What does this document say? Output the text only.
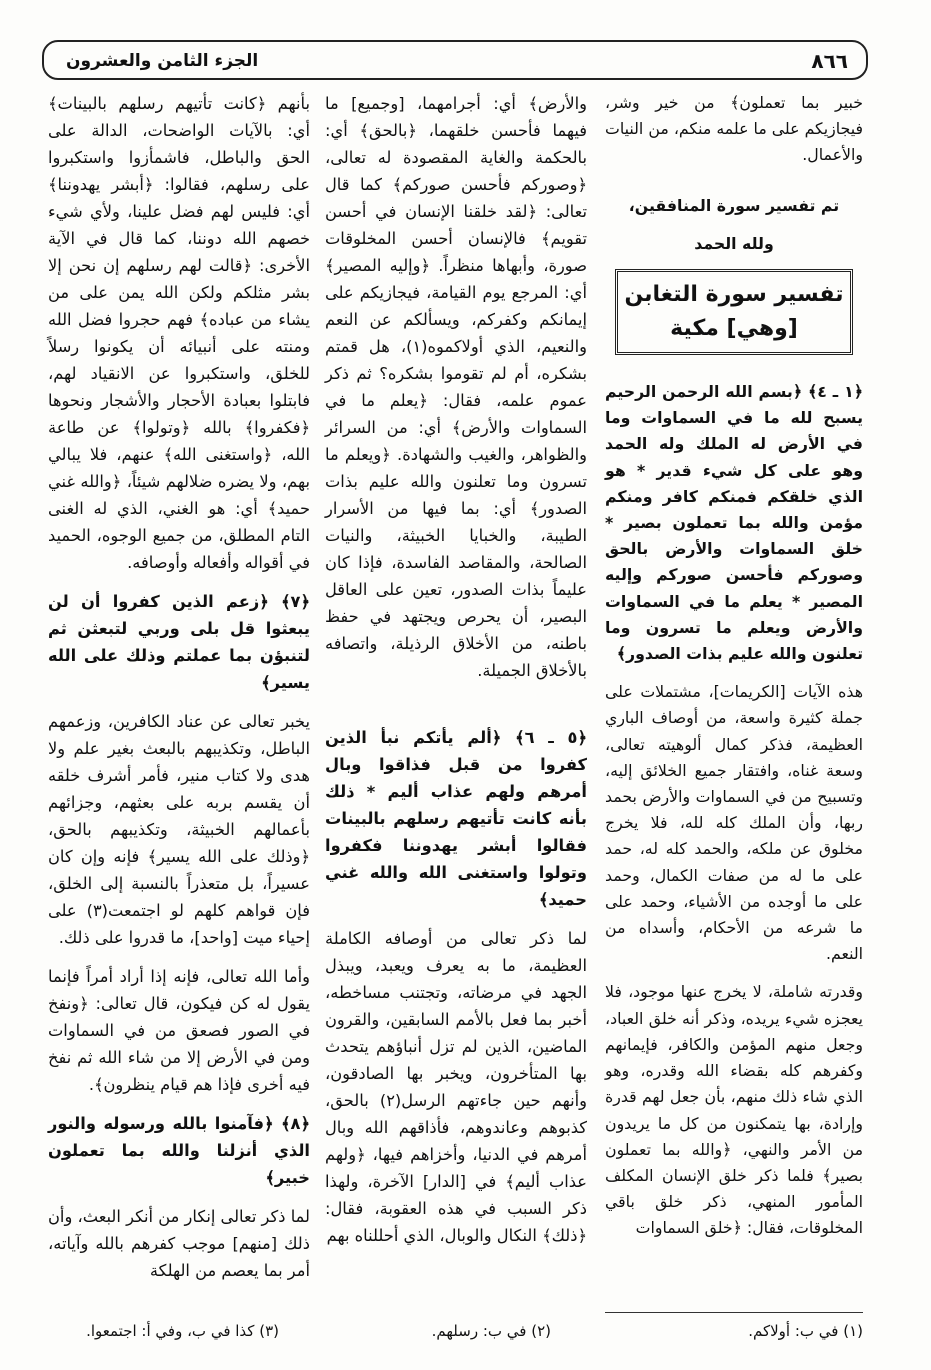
٨٦٦
الجزء الثامن والعشرون

خبير بما تعملون﴾ من خير وشر، فيجازيكم على ما علمه منكم، من النيات والأعمال.

تم تفسير سورة المنافقين،

ولله الحمد

تفسير سورة التغابن
[وهي] مكية

﴿١ ـ ٤﴾ ﴿بسم الله الرحمن الرحيم يسبح لله ما في السماوات وما في الأرض له الملك وله الحمد وهو على كل شيء قدير * هو الذي خلقكم فمنكم كافر ومنكم مؤمن والله بما تعملون بصير * خلق السماوات والأرض بالحق وصوركم فأحسن صوركم وإليه المصير * يعلم ما في السماوات والأرض ويعلم ما تسرون وما تعلنون والله عليم بذات الصدور﴾

هذه الآيات [الكريمات]، مشتملات على جملة كثيرة واسعة، من أوصاف الباري العظيمة، فذكر كمال ألوهيته تعالى، وسعة غناه، وافتقار جميع الخلائق إليه، وتسبيح من في السماوات والأرض بحمد ربها، وأن الملك كله لله، فلا يخرج مخلوق عن ملكه، والحمد كله له، حمد على ما له من صفات الكمال، وحمد على ما أوجده من الأشياء، وحمد على ما شرعه من الأحكام، وأسداه من النعم.

وقدرته شاملة، لا يخرج عنها موجود، فلا يعجزه شيء يريده، وذكر أنه خلق العباد، وجعل منهم المؤمن والكافر، فإيمانهم وكفرهم كله بقضاء الله وقدره، وهو الذي شاء ذلك منهم، بأن جعل لهم قدرة وإرادة، بها يتمكنون من كل ما يريدون من الأمر والنهي، ﴿والله بما تعملون بصير﴾ فلما ذكر خلق الإنسان المكلف المأمور المنهي، ذكر خلق باقي المخلوقات، فقال: ﴿خلق السماوات

والأرض﴾ أي: أجرامهما، [وجميع] ما فيهما فأحسن خلقهما، ﴿بالحق﴾ أي: بالحكمة والغاية المقصودة له تعالى، ﴿وصوركم فأحسن صوركم﴾ كما قال تعالى: ﴿لقد خلقنا الإنسان في أحسن تقويم﴾ فالإنسان أحسن المخلوقات صورة، وأبهاها منظراً. ﴿وإليه المصير﴾ أي: المرجع يوم القيامة، فيجازيكم على إيمانكم وكفركم، ويسألكم عن النعم والنعيم، الذي أولاكموه(١)، هل قمتم بشكره، أم لم تقوموا بشكره؟ ثم ذكر عموم علمه، فقال: ﴿يعلم ما في السماوات والأرض﴾ أي: من السرائر والظواهر، والغيب والشهادة. ﴿ويعلم ما تسرون وما تعلنون والله عليم بذات الصدور﴾ أي: بما فيها من الأسرار الطيبة، والخبايا الخبيثة، والنيات الصالحة، والمقاصد الفاسدة، فإذا كان عليماً بذات الصدور، تعين على العاقل البصير، أن يحرص ويجتهد في حفظ باطنه، من الأخلاق الرذيلة، واتصافه بالأخلاق الجميلة.

﴿٥ ـ ٦﴾ ﴿ألم يأتكم نبأ الذين كفروا من قبل فذاقوا وبال أمرهم ولهم عذاب أليم * ذلك بأنه كانت تأتيهم رسلهم بالبينات فقالوا أبشر يهدوننا فكفروا وتولوا واستغنى الله والله غني حميد﴾

لما ذكر تعالى من أوصافه الكاملة العظيمة، ما به يعرف ويعبد، ويبذل الجهد في مرضاته، وتجتنب مساخطه، أخبر بما فعل بالأمم السابقين، والقرون الماضين، الذين لم تزل أنباؤهم يتحدث بها المتأخرون، ويخبر بها الصادقون، وأنهم حين جاءتهم الرسل(٢) بالحق، كذبوهم وعاندوهم، فأذاقهم الله وبال أمرهم في الدنيا، وأخزاهم فيها، ﴿ولهم عذاب أليم﴾ في [الدار] الآخرة، ولهذا ذكر السبب في هذه العقوبة، فقال: ﴿ذلك﴾ النكال والوبال، الذي أحللناه بهم

بأنهم ﴿كانت تأتيهم رسلهم بالبينات﴾ أي: بالآيات الواضحات، الدالة على الحق والباطل، فاشمأزوا واستكبروا على رسلهم، فقالوا: ﴿أبشر يهدوننا﴾ أي: فليس لهم فضل علينا، ولأي شيء خصهم الله دوننا، كما قال في الآية الأخرى: ﴿قالت لهم رسلهم إن نحن إلا بشر مثلكم ولكن الله يمن على من يشاء من عباده﴾ فهم حجروا فضل الله ومنته على أنبيائه أن يكونوا رسلاً للخلق، واستكبروا عن الانقياد لهم، فابتلوا بعبادة الأحجار والأشجار ونحوها ﴿فكفروا﴾ بالله ﴿وتولوا﴾ عن طاعة الله، ﴿واستغنى الله﴾ عنهم، فلا يبالي بهم، ولا يضره ضلالهم شيئاً، ﴿والله غني حميد﴾ أي: هو الغني، الذي له الغنى التام المطلق، من جميع الوجوه، الحميد في أقواله وأفعاله وأوصافه.

﴿٧﴾ ﴿زعم الذين كفروا أن لن يبعثوا قل بلى وربي لتبعثن ثم لتنبؤن بما عملتم وذلك على الله يسير﴾

يخبر تعالى عن عناد الكافرين، وزعمهم الباطل، وتكذيبهم بالبعث بغير علم ولا هدى ولا كتاب منير، فأمر أشرف خلقه أن يقسم بربه على بعثهم، وجزائهم بأعمالهم الخبيثة، وتكذيبهم بالحق، ﴿وذلك على الله يسير﴾ فإنه وإن كان عسيراً، بل متعذراً بالنسبة إلى الخلق، فإن قواهم كلهم لو اجتمعت(٣) على إحياء ميت [واحد]، ما قدروا على ذلك.

وأما الله تعالى، فإنه إذا أراد أمراً فإنما يقول له كن فيكون، قال تعالى: ﴿ونفخ في الصور فصعق من في السماوات ومن في الأرض إلا من شاء الله ثم نفخ فيه أخرى فإذا هم قيام ينظرون﴾.

﴿٨﴾ ﴿فآمنوا بالله ورسوله والنور الذي أنزلنا والله بما تعملون خبير﴾

لما ذكر تعالى إنكار من أنكر البعث، وأن ذلك [منهم] موجب كفرهم بالله وآياته، أمر بما يعصم من الهلكة

(١) في ب: أولاكم.
(٢) في ب: رسلهم.
(٣) كذا في ب، وفي أ: اجتمعوا.
